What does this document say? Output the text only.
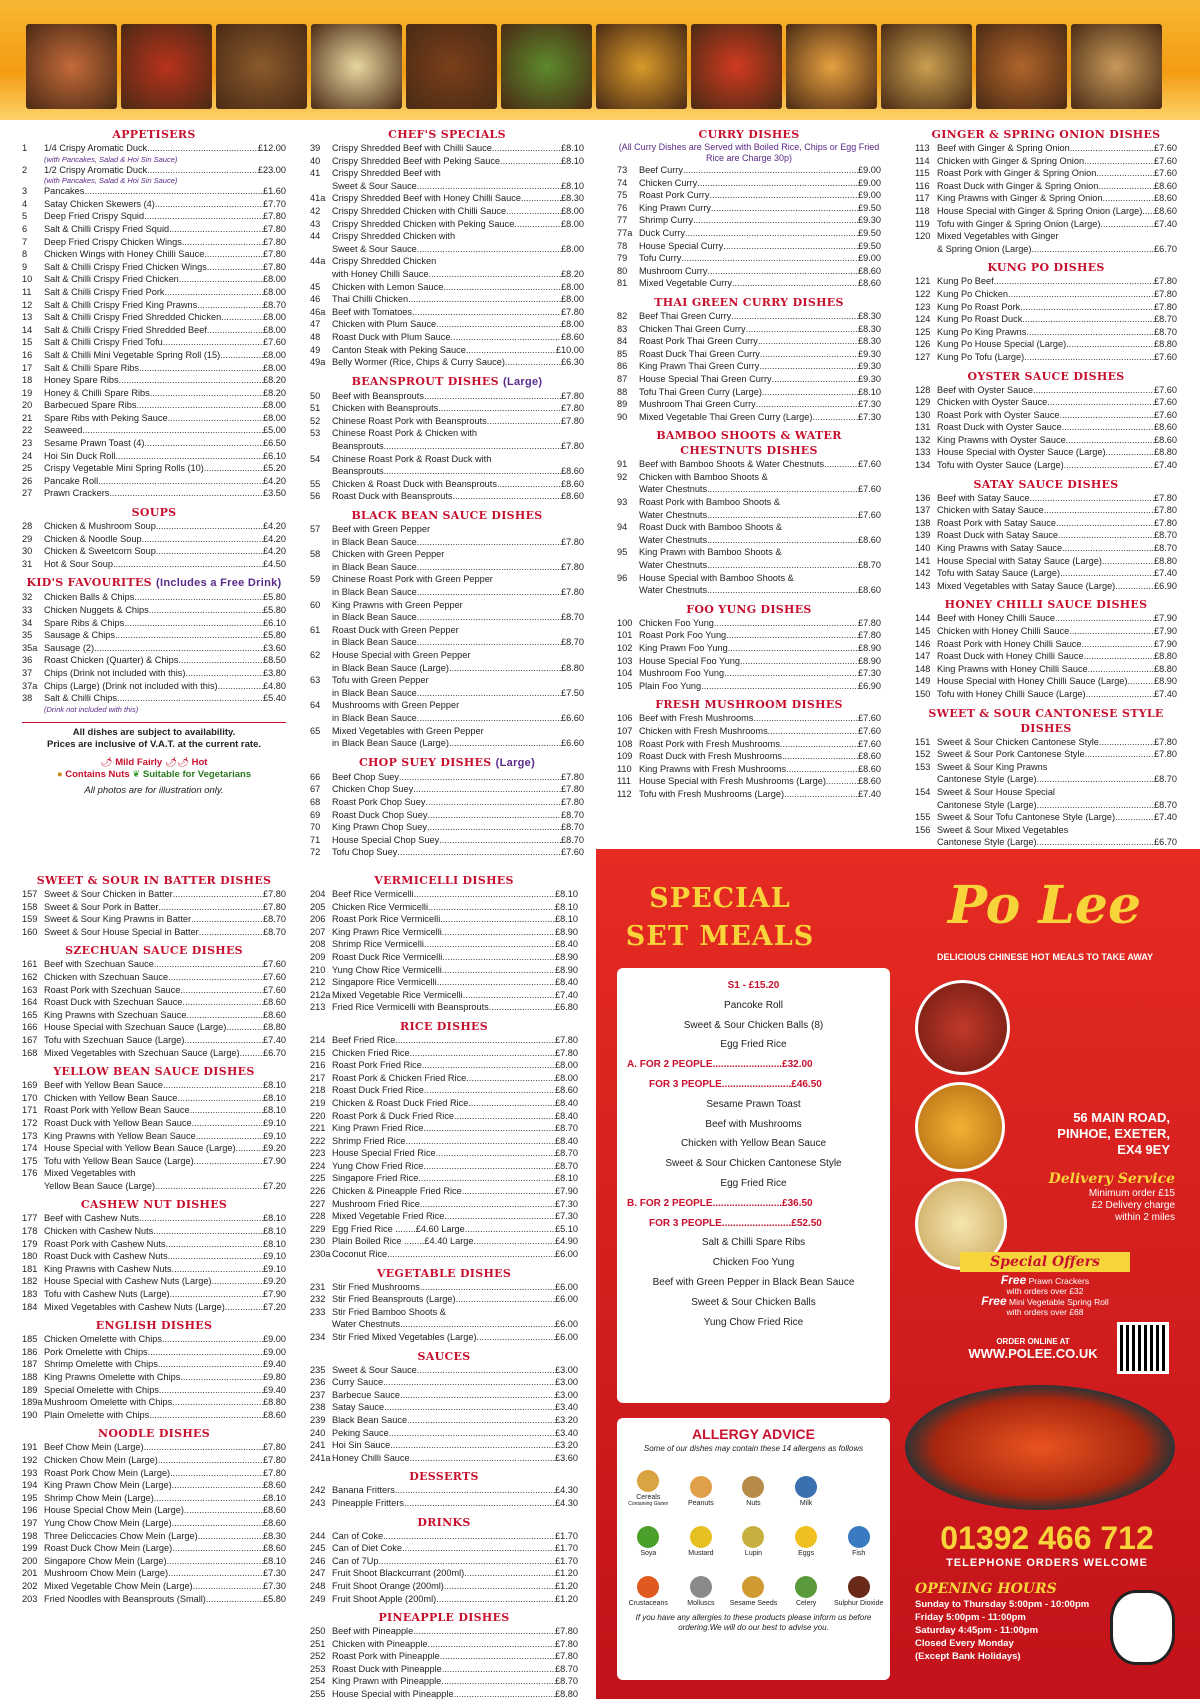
APPETISERS
1	1/4 Crispy Aromatic Duck .....	£12.00
(with Pancakes, Salad & Hoi Sin Sauce)
2	1/2 Crispy Aromatic Duck .....	£23.00
(with Pancakes, Salad & Hoi Sin Sauce)
3	Pancakes .....	£1.60
4	Satay Chicken Skewers (4) .....	£7.70
5	Deep Fried Crispy Squid .....	£7.80
6	Salt & Chilli Crispy Fried Squid .....	£7.80
7	Deep Fried Crispy Chicken Wings .....	£7.80
8	Chicken Wings with Honey Chilli Sauce .....	£7.80
9	Salt & Chilli Crispy Fried Chicken Wings .....	£7.80
10	Salt & Chilli Crispy Fried Chicken .....	£8.00
11	Salt & Chilli Crispy Fried Pork .....	£8.00
12	Salt & Chilli Crispy Fried King Prawns .....	£8.70
13	Salt & Chilli Crispy Fried Shredded Chicken .....	£8.00
14	Salt & Chilli Crispy Fried Shredded Beef .....	£8.00
15	Salt & Chilli Crispy Fried Tofu .....	£7.60
16	Salt & Chilli Mini Vegetable Spring Roll (15) .....	£8.00
17	Salt & Chilli Spare Ribs .....	£8.00
18	Honey Spare Ribs .....	£8.20
19	Honey & Chilli Spare Ribs .....	£8.20
20	Barbecued Spare Ribs .....	£8.00
21	Spare Ribs with Peking Sauce .....	£8.00
22	Seaweed .....	£5.00
23	Sesame Prawn Toast (4) .....	£6.50
24	Hoi Sin Duck Roll .....	£6.10
25	Crispy Vegetable Mini Spring Rolls (10) .....	£5.20
26	Pancake Roll .....	£4.20
27	Prawn Crackers .....	£3.50
SOUPS
28	Chicken & Mushroom Soup .....	£4.20
29	Chicken & Noodle Soup .....	£4.20
30	Chicken & Sweetcorn Soup .....	£4.20
31	Hot & Sour Soup .....	£4.50
KID'S FAVOURITES (Includes a Free Drink)
32	Chicken Balls & Chips .....	£5.80
33	Chicken Nuggets & Chips .....	£5.80
34	Spare Ribs & Chips .....	£6.10
35	Sausage & Chips .....	£5.80
35a Sausage (2) .....	£3.60
36	Roast Chicken (Quarter) & Chips .....	£8.50
37	Chips (Drink not included with this) .....	£3.80
37a Chips (Large) (Drink not included with this) .....	£4.80
38	Salt & Chilli Chips .....	£5.40
(Drink not included with this)
All dishes are subject to availability.
Prices are inclusive of V.A.T. at the current rate.
🌶 Mild Fairly 🌶🌶 Hot
● Contains Nuts ❦ Suitable for Vegetarians
All photos are for illustration only.
CHEF'S SPECIALS
39	Crispy Shredded Beef with Chilli Sauce .....	£8.10
40	Crispy Shredded Beef with Peking Sauce .....	£8.10
41	Crispy Shredded Beef with
Sweet & Sour Sauce .....	£8.10
41a Crispy Shredded Beef with Honey Chilli Sauce .....	£8.30
42	Crispy Shredded Chicken with Chilli Sauce .....	£8.00
43	Crispy Shredded Chicken with Peking Sauce .....	£8.00
44	Crispy Shredded Chicken with
Sweet & Sour Sauce .....	£8.00
44a Crispy Shredded Chicken
with Honey Chilli Sauce .....	£8.20
45	Chicken with Lemon Sauce .....	£8.00
46	Thai Chilli Chicken .....	£8.00
46a Beef with Tomatoes .....	£7.80
47	Chicken with Plum Sauce .....	£8.00
48	Roast Duck with Plum Sauce .....	£8.60
49	Canton Steak with Peking Sauce .....	£10.00
49a Belly Wormer (Rice, Chips & Curry Sauce) .....	£6.30
BEANSPROUT DISHES (Large)
50	Beef with Beansprouts .....	£7.80
51	Chicken with Beansprouts .....	£7.80
52	Chinese Roast Pork with Beansprouts .....	£7.80
53	Chinese Roast Pork & Chicken with
Beansprouts .....	£7.80
54	Chinese Roast Pork & Roast Duck with
Beansprouts .....	£8.60
55	Chicken & Roast Duck with Beansprouts .....	£8.60
56	Roast Duck with Beansprouts .....	£8.60
BLACK BEAN SAUCE DISHES
57	Beef with Green Pepper
in Black Bean Sauce .....	£7.80
58	Chicken with Green Pepper
in Black Bean Sauce .....	£7.80
59	Chinese Roast Pork with Green Pepper
in Black Bean Sauce .....	£7.80
60	King Prawns with Green Pepper
in Black Bean Sauce .....	£8.70
61	Roast Duck with Green Pepper
in Black Bean Sauce .....	£8.70
62	House Special with Green Pepper
in Black Bean Sauce (Large) .....	£8.80
63	Tofu with Green Pepper
in Black Bean Sauce .....	£7.50
64	Mushrooms with Green Pepper
in Black Bean Sauce .....	£6.60
65	Mixed Vegetables with Green Pepper
in Black Bean Sauce (Large) .....	£6.60
CHOP SUEY DISHES (Large)
66	Beef Chop Suey .....	£7.80
67	Chicken Chop Suey .....	£7.80
68	Roast Pork Chop Suey .....	£7.80
69	Roast Duck Chop Suey .....	£8.70
70	King Prawn Chop Suey .....	£8.70
71	House Special Chop Suey .....	£8.70
72	Tofu Chop Suey .....	£7.60
CURRY DISHES
(All Curry Dishes are Served with Boiled Rice, Chips or Egg Fried Rice are Charge 30p)
73	Beef Curry .....	£9.00
74	Chicken Curry .....	£9.00
75	Roast Pork Curry .....	£9.00
76	King Prawn Curry .....	£9.50
77	Shrimp Curry .....	£9.30
77a Duck Curry .....	£9.50
78	House Special Curry .....	£9.50
79	Tofu Curry .....	£9.00
80	Mushroom Curry .....	£8.60
81	Mixed Vegetable Curry .....	£8.60
THAI GREEN CURRY DISHES
82	Beef Thai Green Curry .....	£8.30
83	Chicken Thai Green Curry .....	£8.30
84	Roast Pork Thai Green Curry .....	£8.30
85	Roast Duck Thai Green Curry .....	£9.30
86	King Prawn Thai Green Curry .....	£9.30
87	House Special Thai Green Curry .....	£9.30
88	Tofu Thai Green Curry (Large) .....	£8.10
89	Mushroom Thai Green Curry .....	£7.30
90	Mixed Vegetable Thai Green Curry (Large) .....	£7.30
BAMBOO SHOOTS & WATER CHESTNUTS DISHES
91	Beef with Bamboo Shoots & Water Chestnuts .....	£7.60
92	Chicken with Bamboo Shoots &
Water Chestnuts .....	£7.60
93	Roast Pork with Bamboo Shoots &
Water Chestnuts .....	£7.60
94	Roast Duck with Bamboo Shoots &
Water Chestnuts .....	£8.60
95	King Prawn with Bamboo Shoots &
Water Chestnuts .....	£8.70
96	House Special with Bamboo Shoots &
Water Chestnuts .....	£8.60
FOO YUNG DISHES
100 Chicken Foo Yung .....	£7.80
101 Roast Pork Foo Yung .....	£7.80
102 King Prawn Foo Yung .....	£8.90
103 House Special Foo Yung .....	£8.90
104 Mushroom Foo Yung .....	£7.30
105 Plain Foo Yung .....	£6.90
FRESH MUSHROOM DISHES
106 Beef with Fresh Mushrooms .....	£7.60
107 Chicken with Fresh Mushrooms .....	£7.60
108 Roast Pork with Fresh Mushrooms .....	£7.60
109 Roast Duck with Fresh Mushrooms .....	£8.60
110 King Prawns with Fresh Mushrooms .....	£8.60
111 House Special with Fresh Mushrooms (Large) .....	£8.60
112 Tofu with Fresh Mushrooms (Large) .....	£7.40
GINGER & SPRING ONION DISHES
113 Beef with Ginger & Spring Onion .....	£7.60
114 Chicken with Ginger & Spring Onion .....	£7.60
115 Roast Pork with Ginger & Spring Onion .....	£7.60
116 Roast Duck with Ginger & Spring Onion .....	£8.60
117 King Prawns with Ginger & Spring Onion .....	£8.60
118 House Special with Ginger & Spring Onion (Large) ..... £8.60
119 Tofu with Ginger & Spring Onion (Large) .....	£7.40
120 Mixed Vegetables with Ginger
& Spring Onion (Large) .....	£6.70
KUNG PO DISHES
121 Kung Po Beef .....	£7.80
122 Kung Po Chicken .....	£7.80
123 Kung Po Roast Pork .....	£7.80
124 Kung Po Roast Duck .....	£8.70
125 Kung Po King Prawns .....	£8.70
126 Kung Po House Special (Large) .....	£8.80
127 Kung Po Tofu (Large) .....	£7.60
OYSTER SAUCE DISHES
128 Beef with Oyster Sauce .....	£7.60
129 Chicken with Oyster Sauce .....	£7.60
130 Roast Pork with Oyster Sauce .....	£7.60
131 Roast Duck with Oyster Sauce .....	£8.60
132 King Prawns with Oyster Sauce .....	£8.60
133 House Special with Oyster Sauce (Large) .....	£8.80
134 Tofu with Oyster Sauce (Large) .....	£7.40
SATAY SAUCE DISHES
136 Beef with Satay Sauce .....	£7.80
137 Chicken with Satay Sauce .....	£7.80
138 Roast Pork with Satay Sauce .....	£7.80
139 Roast Duck with Satay Sauce .....	£8.70
140 King Prawns with Satay Sauce .....	£8.70
141 House Special with Satay Sauce (Large) .....	£8.80
142 Tofu with Satay Sauce (Large) .....	£7.40
143 Mixed Vegetables with Satay Sauce (Large) .....	£6.90
HONEY CHILLI SAUCE DISHES
144 Beef with Honey Chilli Sauce .....	£7.90
145 Chicken with Honey Chilli Sauce .....	£7.90
146 Roast Pork with Honey Chilli Sauce .....	£7.90
147 Roast Duck with Honey Chilli Sauce .....	£8.80
148 King Prawns with Honey Chilli Sauce .....	£8.80
149 House Special with Honey Chilli Sauce (Large) .....	£8.90
150 Tofu with Honey Chilli Sauce (Large) .....	£7.40
SWEET & SOUR CANTONESE STYLE DISHES
151 Sweet & Sour Chicken Cantonese Style .....	£7.80
152 Sweet & Sour Pork Cantonese Style .....	£7.80
153 Sweet & Sour King Prawns
Cantonese Style (Large) .....	£8.70
154 Sweet & Sour House Special
Cantonese Style (Large) .....	£8.70
155 Sweet & Sour Tofu Cantonese Style (Large) .....	£7.40
156 Sweet & Sour Mixed Vegetables
Cantonese Style (Large) .....	£6.70
SWEET & SOUR IN BATTER DISHES
157 Sweet & Sour Chicken in Batter .....	£7.80
158 Sweet & Sour Pork in Batter .....	£7.80
159 Sweet & Sour King Prawns in Batter .....	£8.70
160 Sweet & Sour House Special in Batter .....	£8.70
SZECHUAN SAUCE DISHES
161 Beef with Szechuan Sauce .....	£7.60
162 Chicken with Szechuan Sauce .....	£7.60
163 Roast Pork with Szechuan Sauce .....	£7.60
164 Roast Duck with Szechuan Sauce .....	£8.60
165 King Prawns with Szechuan Sauce .....	£8.60
166 House Special with Szechuan Sauce (Large) .....	£8.80
167 Tofu with Szechuan Sauce (Large) .....	£7.40
168 Mixed Vegetables with Szechuan Sauce (Large) .....	£6.70
YELLOW BEAN SAUCE DISHES
169 Beef with Yellow Bean Sauce .....	£8.10
170 Chicken with Yellow Bean Sauce .....	£8.10
171 Roast Pork with Yellow Bean Sauce .....	£8.10
172 Roast Duck with Yellow Bean Sauce .....	£9.10
173 King Prawns with Yellow Bean Sauce .....	£9.10
174 House Special with Yellow Bean Sauce (Large) .....	£9.20
175 Tofu with Yellow Bean Sauce (Large) .....	£7.90
176 Mixed Vegetables with
Yellow Bean Sauce (Large) .....	£7.20
CASHEW NUT DISHES
177 Beef with Cashew Nuts .....	£8.10
178 Chicken with Cashew Nuts .....	£8.10
179 Roast Pork with Cashew Nuts .....	£8.10
180 Roast Duck with Cashew Nuts .....	£9.10
181 King Prawns with Cashew Nuts .....	£9.10
182 House Special with Cashew Nuts (Large) .....	£9.20
183 Tofu with Cashew Nuts (Large) .....	£7.90
184 Mixed Vegetables with Cashew Nuts (Large) .....	£7.20
ENGLISH DISHES
185 Chicken Omelette with Chips .....	£9.00
186 Pork Omelette with Chips .....	£9.00
187 Shrimp Omelette with Chips .....	£9.40
188 King Prawns Omelette with Chips .....	£9.80
189 Special Omelette with Chips .....	£9.40
189a Mushroom Omelette with Chips .....	£8.80
190 Plain Omelette with Chips .....	£8.60
NOODLE DISHES
191 Beef Chow Mein (Large) .....	£7.80
192 Chicken Chow Mein (Large) .....	£7.80
193 Roast Pork Chow Mein (Large) .....	£7.80
194 King Prawn Chow Mein (Large) .....	£8.60
195 Shrimp Chow Mein (Large) .....	£8.10
196 House Special Chow Mein (Large) .....	£8.60
197 Yung Chow Chow Mein (Large) .....	£8.60
198 Three Deliccacies Chow Mein (Large) .....	£8.30
199 Roast Duck Chow Mein (Large) .....	£8.60
200 Singapore Chow Mein (Large) .....	£8.10
201 Mushroom Chow Mein (Large) .....	£7.30
202 Mixed Vegetable Chow Mein (Large) .....	£7.30
203 Fried Noodles with Beansprouts (Small) .....	£5.80
VERMICELLI DISHES
204 Beef Rice Vermicelli .....	£8.10
205 Chicken Rice Vermicelli .....	£8.10
206 Roast Pork Rice Vermicelli .....	£8.10
207 King Prawn Rice Vermicelli .....	£8.90
208 Shrimp Rice Vermicelli .....	£8.40
209 Roast Duck Rice Vermicelli .....	£8.90
210 Yung Chow Rice Vermicelli .....	£8.90
212 Singapore Rice Vermicelli .....	£8.40
212a Mixed Vegetable Rice Vermicelli .....	£7.40
213 Fried Rice Vermicelli with Beansprouts .....	£6.80
RICE DISHES
214 Beef Fried Rice .....	£7.80
215 Chicken Fried Rice .....	£7.80
216 Roast Pork Fried Rice .....	£8.00
217 Roast Pork & Chicken Fried Rice .....	£8.00
218 Roast Duck Fried Rice .....	£8.60
219 Chicken & Roast Duck Fried Rice .....	£8.40
220 Roast Pork & Duck Fried Rice .....	£8.40
221 King Prawn Fried Rice .....	£8.70
222 Shrimp Fried Rice .....	£8.40
223 House Special Fried Rice .....	£8.70
224 Yung Chow Fried Rice .....	£8.70
225 Singapore Fried Rice .....	£8.10
226 Chicken & Pineapple Fried Rice .....	£7.90
227 Mushroom Fried Rice .....	£7.30
228 Mixed Vegetable Fried Rice .....	£7.30
229 Egg Fried Rice ........£4.60 Large .....	£5.10
230 Plain Boiled Rice ........£4.40 Large .....	£4.90
230a Coconut Rice .....	£6.00
VEGETABLE DISHES
231 Stir Fried Mushrooms .....	£6.00
232 Stir Fried Beansprouts (Large) .....	£6.00
233 Stir Fried Bamboo Shoots &
Water Chestnuts .....	£6.00
234 Stir Fried Mixed Vegetables (Large) .....	£6.00
SAUCES
235 Sweet & Sour Sauce .....	£3.00
236 Curry Sauce .....	£3.00
237 Barbecue Sauce .....	£3.00
238 Satay Sauce .....	£3.40
239 Black Bean Sauce .....	£3.20
240 Peking Sauce .....	£3.40
241 Hoi Sin Sauce .....	£3.20
241a Honey Chilli Sauce .....	£3.60
DESSERTS
242 Banana Fritters .....	£4.30
243 Pineapple Fritters .....	£4.30
DRINKS
244 Can of Coke .....	£1.70
245 Can of Diet Coke .....	£1.70
246 Can of 7Up .....	£1.70
247 Fruit Shoot Blackcurrant (200ml) .....	£1.20
248 Fruit Shoot Orange (200ml) .....	£1.20
249 Fruit Shoot Apple (200ml) .....	£1.20
PINEAPPLE DISHES
250 Beef with Pineapple .....	£7.80
251 Chicken with Pineapple .....	£7.80
252 Roast Pork with Pineapple .....	£7.80
253 Roast Duck with Pineapple .....	£8.70
254 King Prawn with Pineapple .....	£8.70
255 House Special with Pineapple .....	£8.80
SPECIAL
SET MEALS
S1 - £15.20
Pancoke Roll
Sweet & Sour Chicken Balls (8)
Egg Fried Rice
A. FOR 2 PEOPLE.........................£32.00
FOR 3 PEOPLE.........................£46.50
Sesame Prawn Toast
Beef with Mushrooms
Chicken with Yellow Bean Sauce
Sweet & Sour Chicken Cantonese Style
Egg Fried Rice
B. FOR 2 PEOPLE.........................£36.50
FOR 3 PEOPLE.........................£52.50
Salt & Chilli Spare Ribs
Chicken Foo Yung
Beef with Green Pepper in Black Bean Sauce
Sweet & Sour Chicken Balls
Yung Chow Fried Rice
ALLERGY ADVICE
Some of our dishes may contain these 14 allergens as follows
Cereals
Containing Gluten	Peanuts	Nuts	Milk
Soya	Mustard	Lupin	Eggs	Fish
Crustaceans	Molluscs Sesame Seeds	Celery	Sulphur Dioxide
If you have any allergies to these products please inform us before ordering.We will do our best to advise you.
Po Lee
DELICIOUS CHINESE HOT MEALS TO TAKE AWAY
56 MAIN ROAD,
PINHOE, EXETER,
EX4 9EY
Delivery Service
Minimum order £15
£2 Delivery charge
within 2 miles
Special Offers
Free Prawn Crackers
with orders over £32
Free Mini Vegetable Spring Roll
with orders over £68
ORDER ONLINE AT
WWW.POLEE.CO.UK
01392 466 712
TELEPHONE ORDERS WELCOME
OPENING HOURS
Sunday to Thursday 5:00pm - 10:00pm
Friday 5:00pm - 11:00pm
Saturday 4:45pm - 11:00pm
Closed Every Monday
(Except Bank Holidays)
